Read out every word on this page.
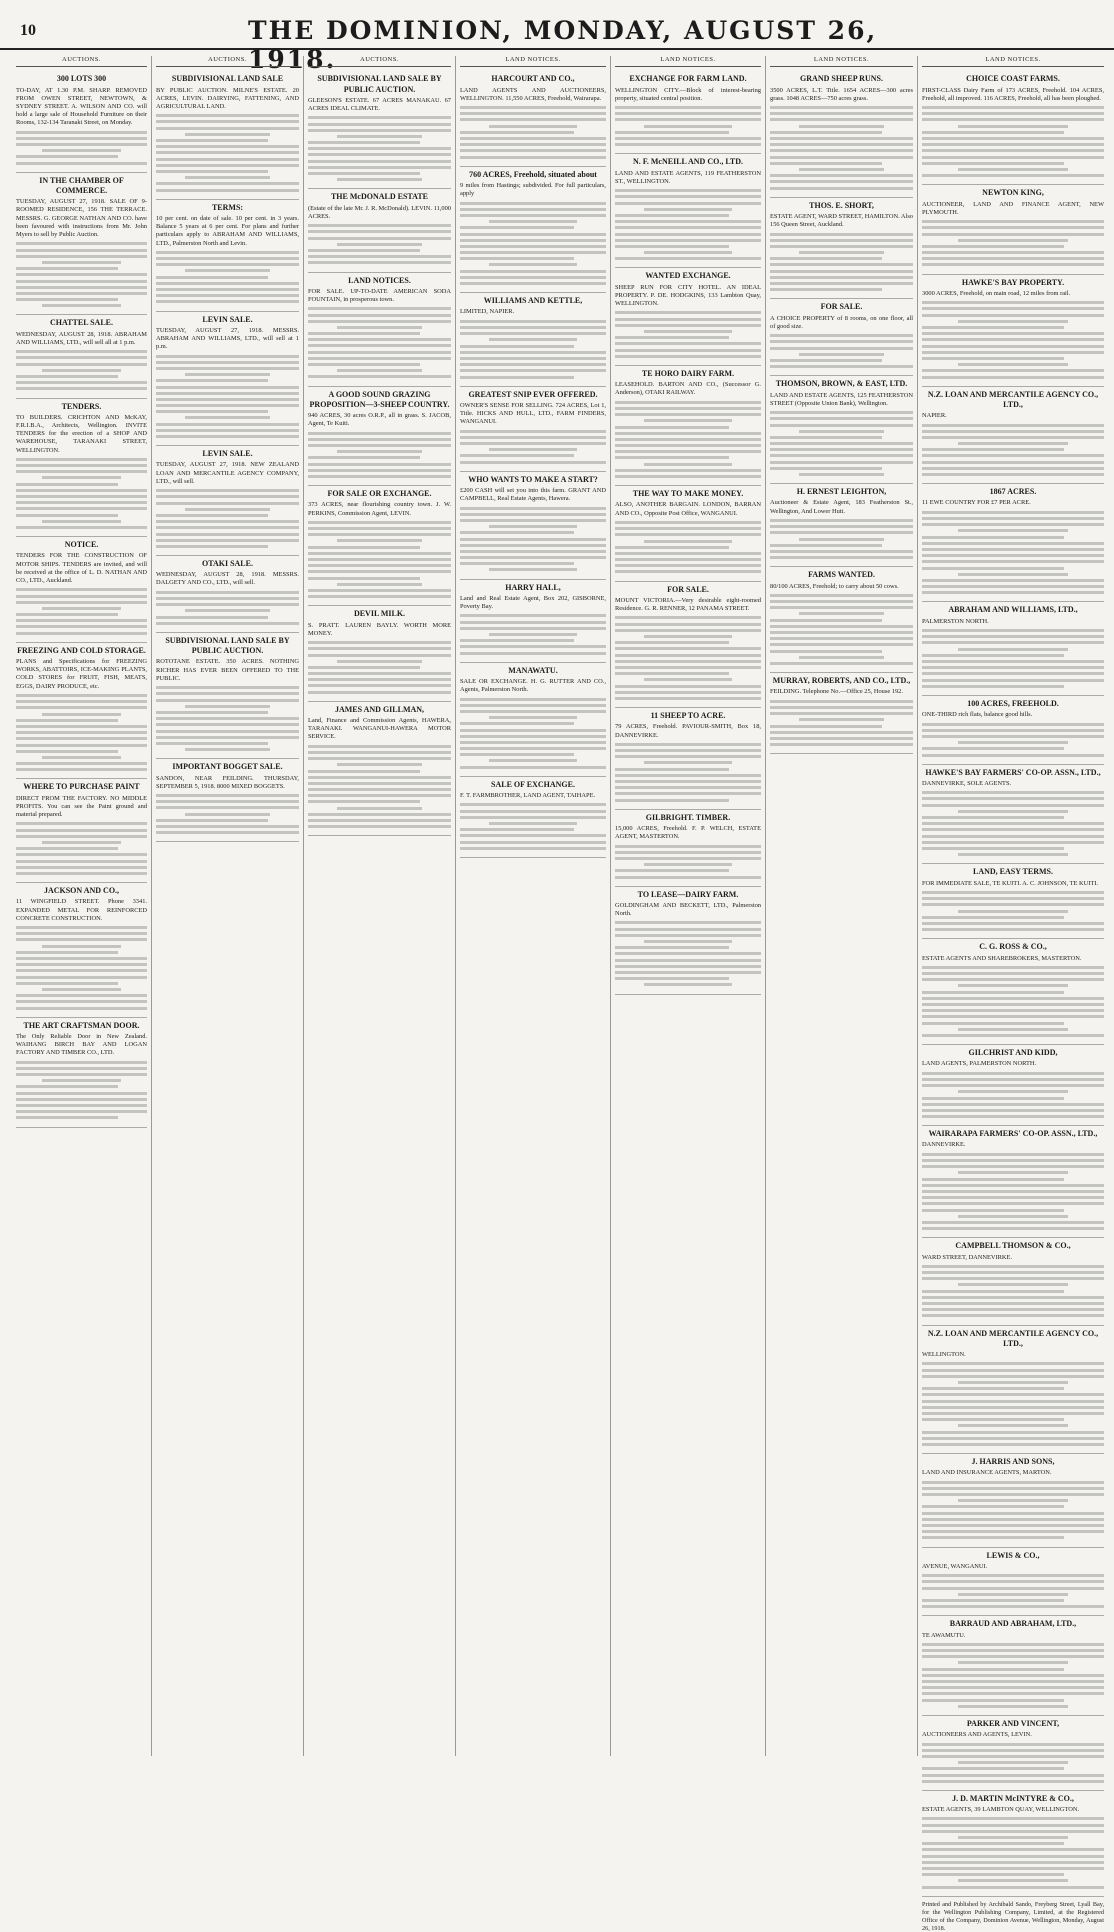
10	THE DOMINION, MONDAY, AUGUST 26, 1918.
AUCTIONS.
300 LOTS 300
TO-DAY, AT 1.30 P.M. SHARP. REMOVED FROM OWEN STREET, NEWTOWN, & SYDNEY STREET. A. WILSON AND CO. will hold a large sale of Household Furniture on their Rooms, 132-134 Taranaki Street, on Monday.
IN THE CHAMBER OF COMMERCE.
TUESDAY, AUGUST 27, 1918. SALE OF 9-ROOMED RESIDENCE, 156 THE TERRACE. MESSRS. G. GEORGE NATHAN AND CO. have been favoured with instructions from Mr. John Myers to sell by Public Auction.
CHATTEL SALE.
WEDNESDAY, AUGUST 28, 1918. ABRAHAM AND WILLIAMS, LTD., will sell all at 1 p.m.
TENDERS.
TO BUILDERS. CRICHTON AND McKAY, F.R.I.B.A., Architects, Wellington. INVITE TENDERS for the erection of a SHOP AND WAREHOUSE, TARANAKI STREET, WELLINGTON.
NOTICE.
TENDERS FOR THE CONSTRUCTION OF MOTOR SHIPS. TENDERS are invited, and will be received at the office of L. D. NATHAN AND CO., LTD., Auckland.
FREEZING AND COLD STORAGE.
PLANS and Specifications for FREEZING WORKS, ABATTOIRS, ICE-MAKING PLANTS, COLD STORES for FRUIT, FISH, MEATS, EGGS, DAIRY PRODUCE, etc.
WHERE TO PURCHASE PAINT
DIRECT FROM THE FACTORY. NO MIDDLE PROFITS. You can see the Paint ground and material prepared.
JACKSON AND CO.,
11 WINGFIELD STREET. Phone 3341. EXPANDED METAL FOR REINFORCED CONCRETE CONSTRUCTION.
THE ART CRAFTSMAN DOOR.
The Only Reliable Door in New Zealand. WAIHANG BIRCH BAY AND LOGAN FACTORY AND TIMBER CO., LTD.
AUCTIONS.
SUBDIVISIONAL LAND SALE
BY PUBLIC AUCTION. MILNE'S ESTATE. 20 ACRES, LEVIN. DAIRYING, FATTENING, AND AGRICULTURAL LAND.
TERMS:
10 per cent. on date of sale. 10 per cent. in 3 years. Balance 5 years at 6 per cent. For plans and further particulars apply to ABRAHAM AND WILLIAMS, LTD., Palmerston North and Levin.
LEVIN SALE.
TUESDAY, AUGUST 27, 1918. MESSRS. ABRAHAM AND WILLIAMS, LTD., will sell at 1 p.m.
LEVIN SALE.
TUESDAY, AUGUST 27, 1918. NEW ZEALAND LOAN AND MERCANTILE AGENCY COMPANY, LTD., will sell.
OTAKI SALE.
WEDNESDAY, AUGUST 28, 1918. MESSRS. DALGETY AND CO., LTD., will sell.
SUBDIVISIONAL LAND SALE BY PUBLIC AUCTION.
ROTOTANE ESTATE. 350 ACRES. NOTHING RICHER HAS EVER BEEN OFFERED TO THE PUBLIC.
IMPORTANT BOGGET SALE.
SANDON, NEAR FEILDING. THURSDAY, SEPTEMBER 5, 1918. 8000 MIXED BOGGETS.
AUCTIONS.
SUBDIVISIONAL LAND SALE BY PUBLIC AUCTION.
GLEESON'S ESTATE. 67 ACRES MANAKAU. 67 ACRES IDEAL CLIMATE.
THE McDONALD ESTATE
(Estate of the late Mr. J. R. McDonald). LEVIN. 11,000 ACRES.
LAND NOTICES.
FOR SALE. UP-TO-DATE AMERICAN SODA FOUNTAIN, in prosperous town.
A GOOD SOUND GRAZING PROPOSITION—3-SHEEP COUNTRY.
940 ACRES, 30 acres O.R.P., all in grass. S. JACOB, Agent, Te Kuiti.
FOR SALE OR EXCHANGE.
373 ACRES, near flourishing country town. J. W. PERKINS, Commission Agent, LEVIN.
DEVIL MILK.
S. PRATT. LAUREN BAYLY. WORTH MORE MONEY.
JAMES AND GILLMAN,
Land, Finance and Commission Agents, HAWERA, TARANAKI. WANGANUI-HAWERA MOTOR SERVICE.
LAND NOTICES.
HARCOURT AND CO.,
LAND AGENTS AND AUCTIONEERS, WELLINGTON. 11,550 ACRES, Freehold, Wairarapa.
760 ACRES, Freehold, situated about
9 miles from Hastings; subdivided. For full particulars, apply
WILLIAMS AND KETTLE,
LIMITED, NAPIER.
GREATEST SNIP EVER OFFERED.
OWNER'S SENSE FOR SELLING. 724 ACRES, Lot 1, Title. HICKS AND HULL, LTD., FARM FINDERS, WANGANUI.
WHO WANTS TO MAKE A START?
£200 CASH will set you into this farm. GRANT AND CAMPBELL, Real Estate Agents, Hawera.
HARRY HALL,
Land and Real Estate Agent, Box 202, GISBORNE, Poverty Bay.
MANAWATU.
SALE OR EXCHANGE. H. G. RUTTER AND CO., Agents, Palmerston North.
SALE OF EXCHANGE.
F. T. FARMBROTHER, LAND AGENT, TAIHAPE.
LAND NOTICES.
EXCHANGE FOR FARM LAND.
WELLINGTON CITY.—Block of interest-bearing property, situated central position.
N. F. McNEILL AND CO., LTD.
LAND AND ESTATE AGENTS, 119 FEATHERSTON ST., WELLINGTON.
WANTED EXCHANGE.
SHEEP RUN FOR CITY HOTEL. AN IDEAL PROPERTY. P. DE. HODGKINS, 133 Lambton Quay, WELLINGTON.
TE HORO DAIRY FARM.
LEASEHOLD. BARTON AND CO., (Successor G. Anderson), OTAKI RAILWAY.
THE WAY TO MAKE MONEY.
ALSO, ANOTHER BARGAIN. LONDON, BARRAN AND CO., Opposite Post Office, WANGANUI.
FOR SALE.
MOUNT VICTORIA.—Very desirable eight-roomed Residence. G. R. RENNER, 12 PANAMA STREET.
11 SHEEP TO ACRE.
79 ACRES, Freehold. PAVIOUR-SMITH, Box 18, DANNEVIRKE.
GILBRIGHT. TIMBER.
15,000 ACRES, Freehold. F. P. WELCH, ESTATE AGENT, MASTERTON.
TO LEASE—DAIRY FARM.
GOLDINGHAM AND BECKETT, LTD., Palmerston North.
LAND NOTICES.
GRAND SHEEP RUNS.
3500 ACRES, L.T. Title. 1654 ACRES—300 acres grass. 1048 ACRES—750 acres grass.
THOS. E. SHORT,
ESTATE AGENT, WARD STREET, HAMILTON. Also 156 Queen Street, Auckland.
FOR SALE.
A CHOICE PROPERTY of 8 rooms, on one floor, all of good size.
THOMSON, BROWN, & EAST, LTD.
LAND AND ESTATE AGENTS, 125 FEATHERSTON STREET (Opposite Union Bank), Wellington.
H. ERNEST LEIGHTON,
Auctioneer & Estate Agent, 183 Featherston St., Wellington, And Lower Hutt.
FARMS WANTED.
80/100 ACRES, Freehold; to carry about 50 cows.
MURRAY, ROBERTS, AND CO., LTD.,
FEILDING. Telephone No.—Office 25, House 192.
LAND NOTICES.
CHOICE COAST FARMS.
FIRST-CLASS Dairy Farm of 173 ACRES, Freehold. 104 ACRES, Freehold, all improved. 116 ACRES, Freehold, all has been ploughed.
NEWTON KING,
AUCTIONEER, LAND AND FINANCE AGENT, NEW PLYMOUTH.
HAWKE'S BAY PROPERTY.
3000 ACRES, Freehold, on main road, 12 miles from rail.
N.Z. LOAN AND MERCANTILE AGENCY CO., LTD.,
NAPIER.
1867 ACRES.
11 EWE COUNTRY FOR £7 PER ACRE.
ABRAHAM AND WILLIAMS, LTD.,
PALMERSTON NORTH.
100 ACRES, FREEHOLD.
ONE-THIRD rich flats, balance good hills.
HAWKE'S BAY FARMERS' CO-OP. ASSN., LTD.,
DANNEVIRKE, SOLE AGENTS.
LAND, EASY TERMS.
FOR IMMEDIATE SALE, TE KUITI. A. C. JOHNSON, TE KUITI.
C. G. ROSS & CO.,
ESTATE AGENTS AND SHAREBROKERS, MASTERTON.
GILCHRIST AND KIDD,
LAND AGENTS, PALMERSTON NORTH.
WAIRARAPA FARMERS' CO-OP. ASSN., LTD.,
DANNEVIRKE.
CAMPBELL THOMSON & CO.,
WARD STREET, DANNEVIRKE.
N.Z. LOAN AND MERCANTILE AGENCY CO., LTD.,
WELLINGTON.
J. HARRIS AND SONS,
LAND AND INSURANCE AGENTS, MARTON.
LEWIS & CO.,
AVENUE, WANGANUI.
BARRAUD AND ABRAHAM, LTD.,
TE AWAMUTU.
PARKER AND VINCENT,
AUCTIONEERS AND AGENTS, LEVIN.
J. D. MARTIN McINTYRE & CO.,
ESTATE AGENTS, 39 LAMBTON QUAY, WELLINGTON.
Printed and Published by Archibald Sando, Freyberg Street, Lyall Bay, for the Wellington Publishing Company, Limited, at the Registered Office of the Company, Dominion Avenue, Wellington, Monday, August 26, 1918.
